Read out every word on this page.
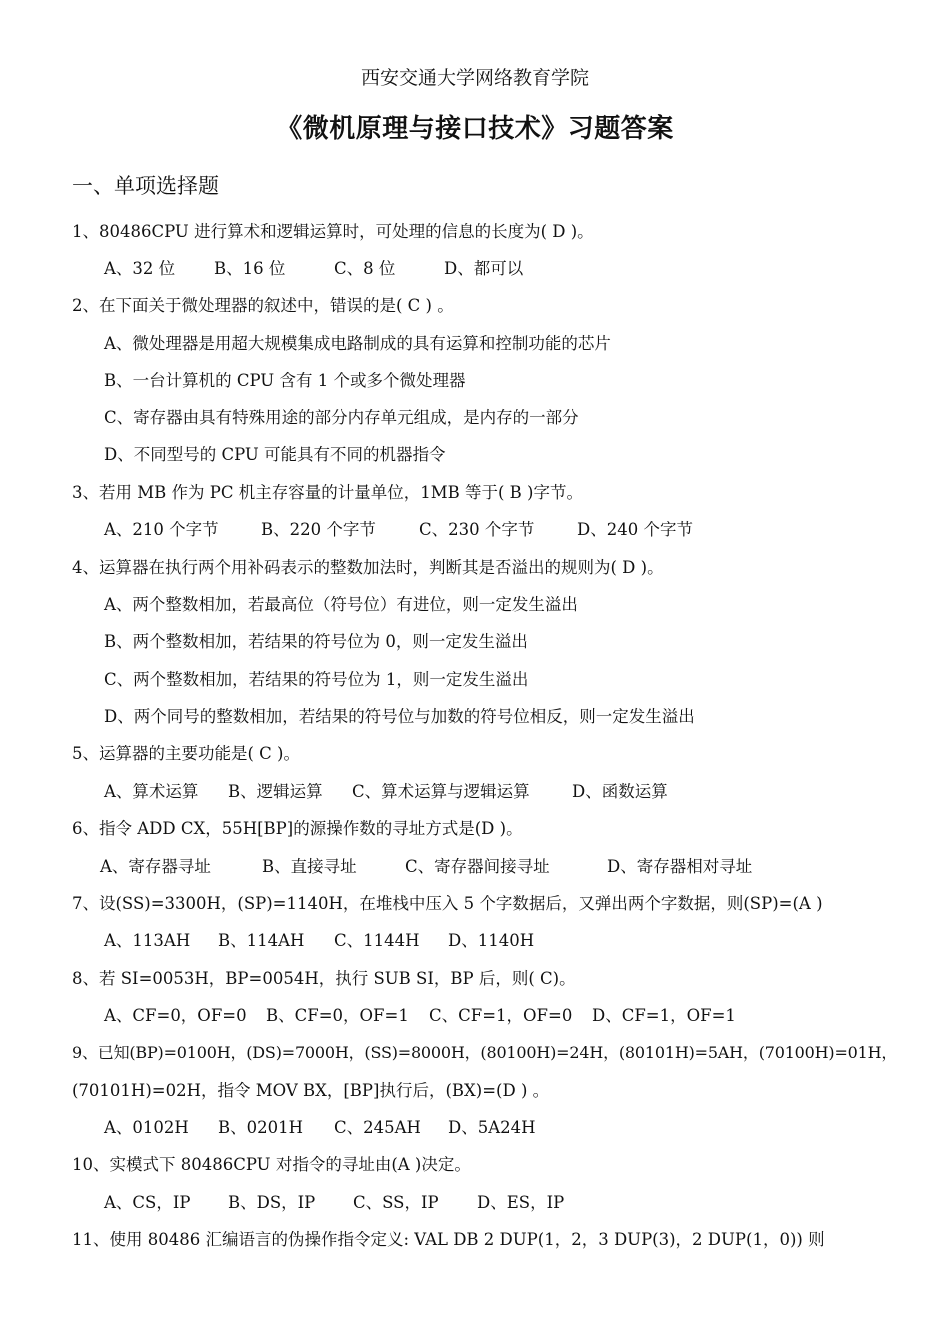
西安交通大学网络教育学院
《微机原理与接口技术》习题答案
一、单项选择题
1、80486CPU 进行算术和逻辑运算时，可处理的信息的长度为( D )。
A、32 位 B、16 位	C、8 位	D、都可以
2、在下面关于微处理器的叙述中，错误的是( C ) 。
A、微处理器是用超大规模集成电路制成的具有运算和控制功能的芯片
B、一台计算机的 CPU 含有 1 个或多个微处理器
C、寄存器由具有特殊用途的部分内存单元组成，是内存的一部分
D、不同型号的 CPU 可能具有不同的机器指令
3、若用 MB 作为 PC 机主存容量的计量单位，1MB 等于( B )字节。
A、210 个字节	B、220 个字节	C、230 个字节	D、240 个字节
4、运算器在执行两个用补码表示的整数加法时，判断其是否溢出的规则为( D )。
A、两个整数相加，若最高位（符号位）有进位，则一定发生溢出
B、两个整数相加，若结果的符号位为 0，则一定发生溢出
C、两个整数相加，若结果的符号位为 1，则一定发生溢出
D、两个同号的整数相加，若结果的符号位与加数的符号位相反，则一定发生溢出
5、运算器的主要功能是( C )。
A、算术运算 B、逻辑运算 C、算术运算与逻辑运算	D、函数运算
6、指令 ADD CX，55H[BP]的源操作数的寻址方式是(D )。
A、寄存器寻址	B、直接寻址	C、寄存器间接寻址	D、寄存器相对寻址
7、设(SS)=3300H，(SP)=1140H，在堆栈中压入 5 个字数据后，又弹出两个字数据，则(SP)=(A )
A、113AH B、114AH C、1144H D、1140H
8、若 SI=0053H，BP=0054H，执行 SUB SI，BP 后，则( C)。
A、CF=0，OF=0 B、CF=0，OF=1 C、CF=1，OF=0 D、CF=1，OF=1
9、已知(BP)=0100H，(DS)=7000H，(SS)=8000H，(80100H)=24H，(80101H)=5AH，(70100H)=01H，
(70101H)=02H，指令 MOV BX，[BP]执行后，(BX)=(D ) 。
A、0102H B、0201H C、245AH D、5A24H
10、实模式下 80486CPU 对指令的寻址由(A )决定。
A、CS，IP B、DS，IP C、SS，IP D、ES，IP
11、使用 80486 汇编语言的伪操作指令定义: VAL DB 2 DUP(1，2，3 DUP(3)，2 DUP(1，0)) 则
